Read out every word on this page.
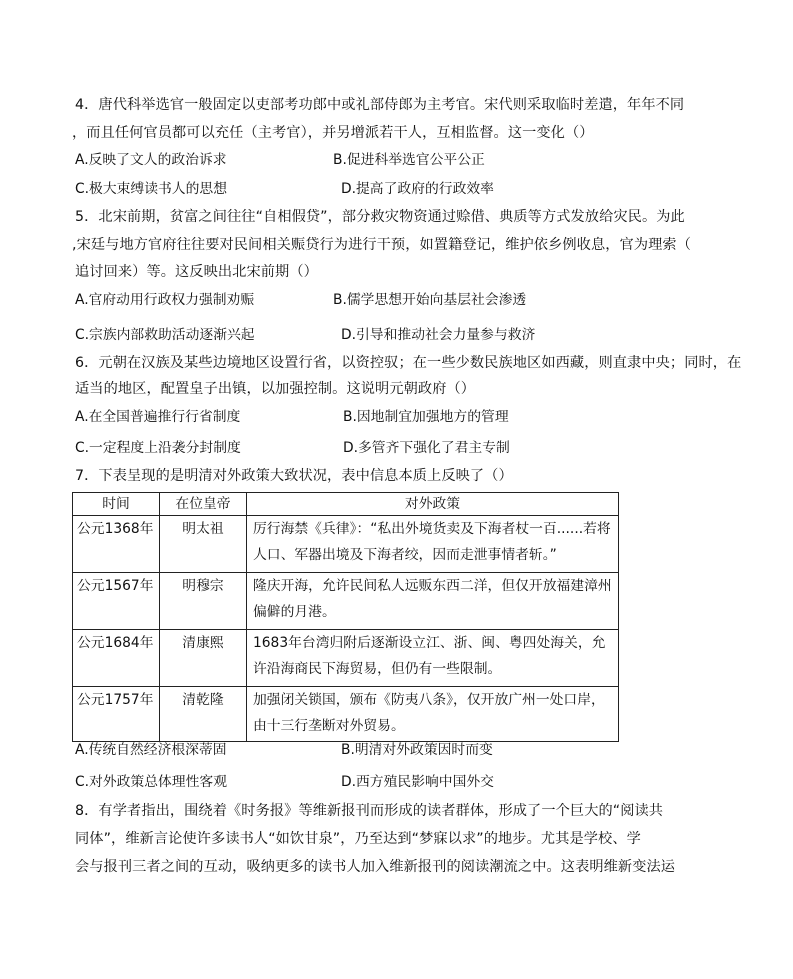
4．唐代科举选官一般固定以吏部考功郎中或礼部侍郎为主考官。宋代则采取临时差遣，年年不同
，而且任何官员都可以充任（主考官），并另增派若干人，互相监督。这一变化（）
A.反映了文人的政治诉求	B.促进科举选官公平公正
C.极大束缚读书人的思想	D.提高了政府的行政效率
5．北宋前期，贫富之间往往“自相假贷”，部分救灾物资通过赊借、典质等方式发放给灾民。为此
,宋廷与地方官府往往要对民间相关赈贷行为进行干预，如置籍登记，维护依乡例收息，官为理索（
追讨回来）等。这反映出北宋前期（）
A.官府动用行政权力强制劝赈	B.儒学思想开始向基层社会渗透
C.宗族内部救助活动逐渐兴起	D.引导和推动社会力量参与救济
6．元朝在汉族及某些边境地区设置行省，以资控驭；在一些少数民族地区如西藏，则直隶中央；同时，在
适当的地区，配置皇子出镇，以加强控制。这说明元朝政府（）
A.在全国普遍推行行省制度	B.因地制宜加强地方的管理
C.一定程度上沿袭分封制度	D.多管齐下强化了君主专制
7．下表呈现的是明清对外政策大致状况，表中信息本质上反映了（）
时间	在位皇帝	对外政策
公元1368年	明太祖	厉行海禁《兵律》：“私出外境货卖及下海者杖一百......若将人口、军器出境及下海者绞，因而走泄事情者斩。”

公元1567年	明穆宗	隆庆开海，允许民间私人远贩东西二洋，但仅开放福建漳州偏僻的月港。

公元1684年	清康熙	1683年台湾归附后逐渐设立江、浙、闽、粤四处海关，允许沿海商民下海贸易，但仍有一些限制。

公元1757年	清乾隆	加强闭关锁国，颁布《防夷八条》，仅开放广州一处口岸，由十三行垄断对外贸易。
A.传统自然经济根深蒂固	B.明清对外政策因时而变
C.对外政策总体理性客观	D.西方殖民影响中国外交
8．有学者指出，围绕着《时务报》等维新报刊而形成的读者群体，形成了一个巨大的“阅读共
同体”，维新言论使许多读书人“如饮甘泉”，乃至达到“梦寐以求”的地步。尤其是学校、学
会与报刊三者之间的互动，吸纳更多的读书人加入维新报刊的阅读潮流之中。这表明维新变法运
